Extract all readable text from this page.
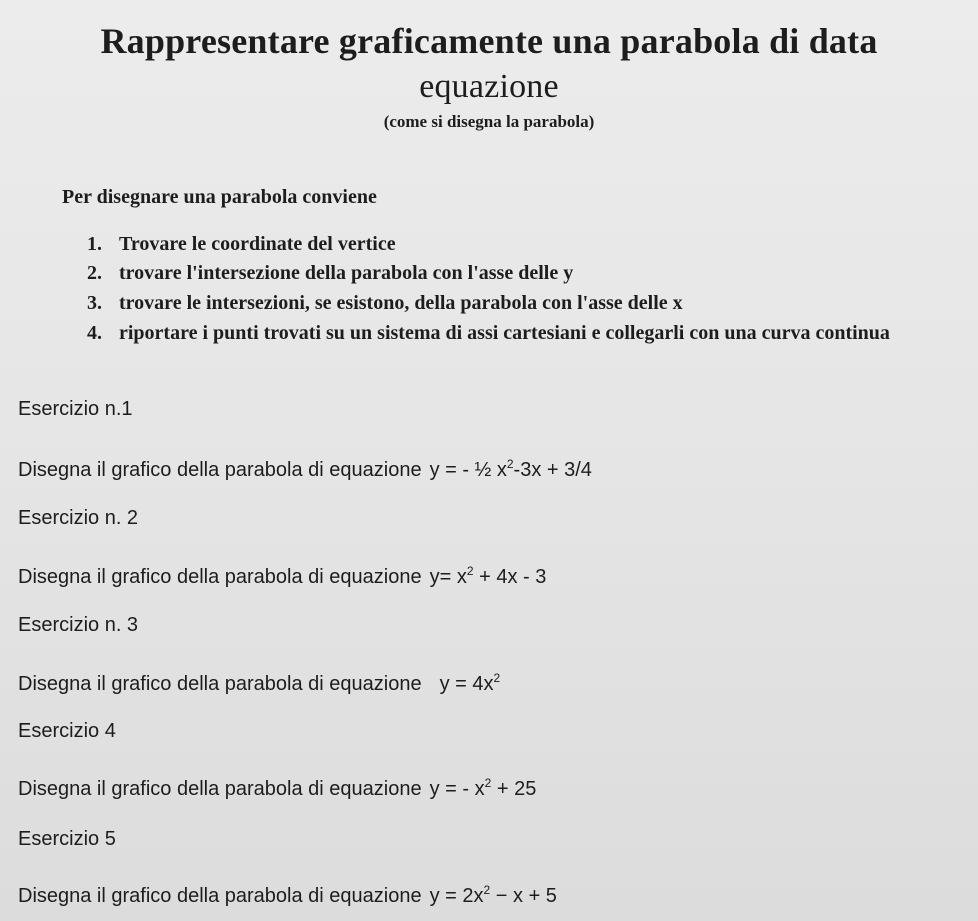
Rappresentare graficamente una parabola di data
equazione
(come si disegna la parabola)
Per disegnare una parabola conviene
1. Trovare le coordinate del vertice
2. trovare l'intersezione della parabola con l'asse delle y
3. trovare le intersezioni, se esistono, della parabola con l'asse delle x
4. riportare i punti trovati su un sistema di assi cartesiani e collegarli con una curva continua
Esercizio n.1
Disegna il grafico della parabola di equazione y = - ½ $x^2-3x + 3/4$
Esercizio n. 2
Disegna il grafico della parabola di equazione $y= x^2 + 4x - 3$
Esercizio n. 3
Disegna il grafico della parabola di equazione $y = 4x^2$
Esercizio 4
Disegna il grafico della parabola di equazione y = - $x^2 + 25$
Esercizio 5
Disegna il grafico della parabola di equazione $y = 2x^2 - x + 5$
